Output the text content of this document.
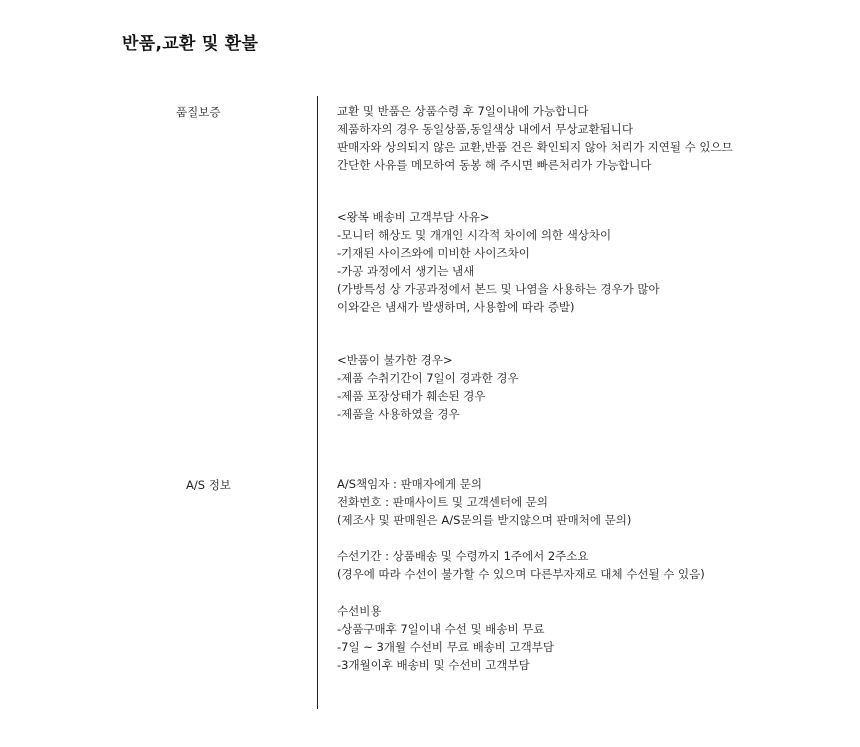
반품,교환 및 환불
품질보증	교환 및 반품은 상품수령 후 7일이내에 가능합니다
제품하자의 경우 동일상품,동일색상 내에서 무상교환됩니다
판매자와 상의되지 않은 교환,반품 건은 확인되지 않아 처리가 지연될 수 있으므
간단한 사유를 메모하여 동봉 해 주시면 빠른처리가 가능합니다
<왕복 배송비 고객부담 사유>
-모니터 해상도 및 개개인 시각적 차이에 의한 색상차이
-기재된 사이즈와에 미비한 사이즈차이
-가공 과정에서 생기는 냄새
(가방특성 상 가공과정에서 본드 및 나염을 사용하는 경우가 많아
이와같은 냄새가 발생하며, 사용함에 따라 증발)
<반품이 불가한 경우>
-제품 수취기간이 7일이 경과한 경우
-제품 포장상태가 훼손된 경우
-제품을 사용하였을 경우
A/S 정보	A/S책임자 : 판매자에게 문의
전화번호 : 판매사이트 및 고객센터에 문의
(제조사 및 판매원은 A/S문의를 받지않으며 판매처에 문의)
수선기간 : 상품배송 및 수령까지 1주에서 2주소요
(경우에 따라 수선이 불가할 수 있으며 다른부자재로 대체 수선될 수 있음)
수선비용
-상품구매후 7일이내 수선 및 배송비 무료
-7일 ~ 3개월 수선비 무료 배송비 고객부담
-3개월이후 배송비 및 수선비 고객부담
